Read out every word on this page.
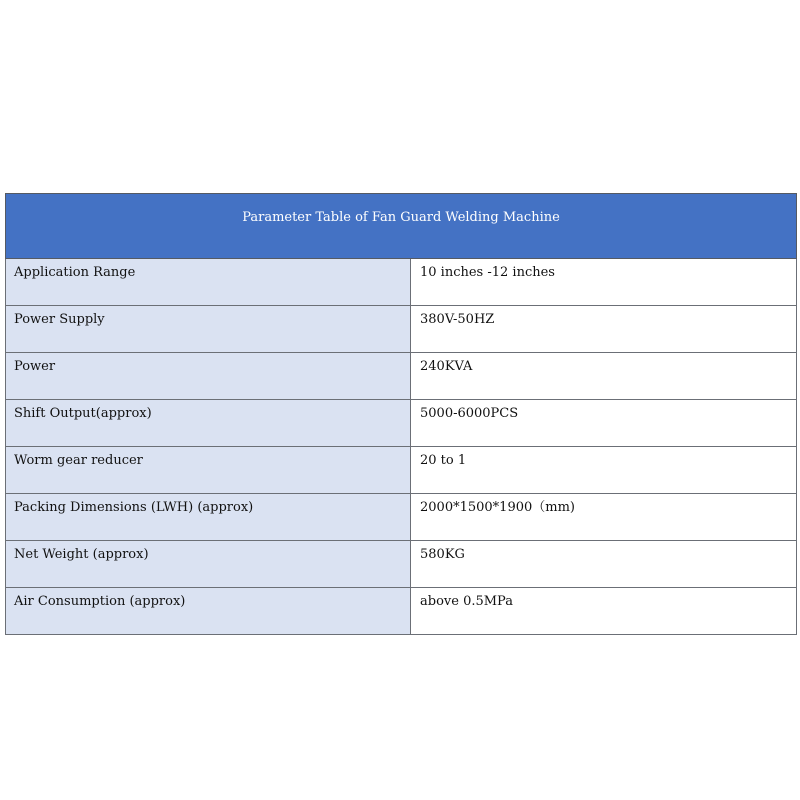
Parameter Table of Fan Guard Welding Machine	

Application Range	10 inches -12 inches

Power Supply	380V-50HZ

Power	240KVA

Shift Output(approx)	5000-6000PCS

Worm gear reducer	20 to 1

Packing Dimensions (LWH) (approx)	2000*1500*1900（mm)

Net Weight (approx)	580KG

Air Consumption (approx)	above 0.5MPa
